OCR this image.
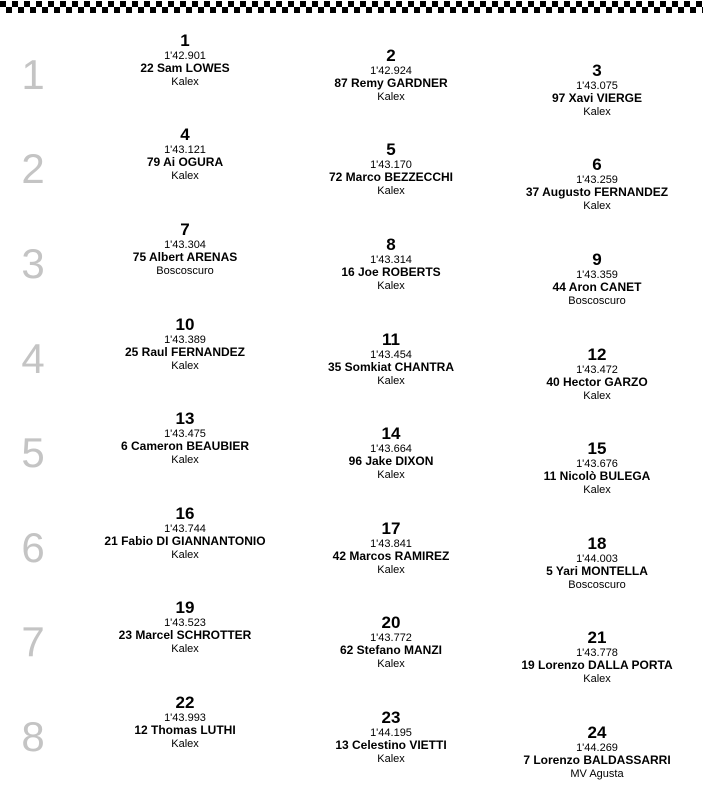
1
1
1'42.901
22 Sam LOWES
Kalex
2
1'42.924
87 Remy GARDNER
Kalex
3
1'43.075
97 Xavi VIERGE
Kalex
2
4
1'43.121
79 Ai OGURA
Kalex
5
1'43.170
72 Marco BEZZECCHI
Kalex
6
1'43.259
37 Augusto FERNANDEZ
Kalex
3
7
1'43.304
75 Albert ARENAS
Boscoscuro
8
1'43.314
16 Joe ROBERTS
Kalex
9
1'43.359
44 Aron CANET
Boscoscuro
4
10
1'43.389
25 Raul FERNANDEZ
Kalex
11
1'43.454
35 Somkiat CHANTRA
Kalex
12
1'43.472
40 Hector GARZO
Kalex
5
13
1'43.475
6 Cameron BEAUBIER
Kalex
14
1'43.664
96 Jake DIXON
Kalex
15
1'43.676
11 Nicolò BULEGA
Kalex
6
16
1'43.744
21 Fabio DI GIANNANTONIO
Kalex
17
1'43.841
42 Marcos RAMIREZ
Kalex
18
1'44.003
5 Yari MONTELLA
Boscoscuro
7
19
1'43.523
23 Marcel SCHROTTER
Kalex
20
1'43.772
62 Stefano MANZI
Kalex
21
1'43.778
19 Lorenzo DALLA PORTA
Kalex
8
22
1'43.993
12 Thomas LUTHI
Kalex
23
1'44.195
13 Celestino VIETTI
Kalex
24
1'44.269
7 Lorenzo BALDASSARRI
MV Agusta
